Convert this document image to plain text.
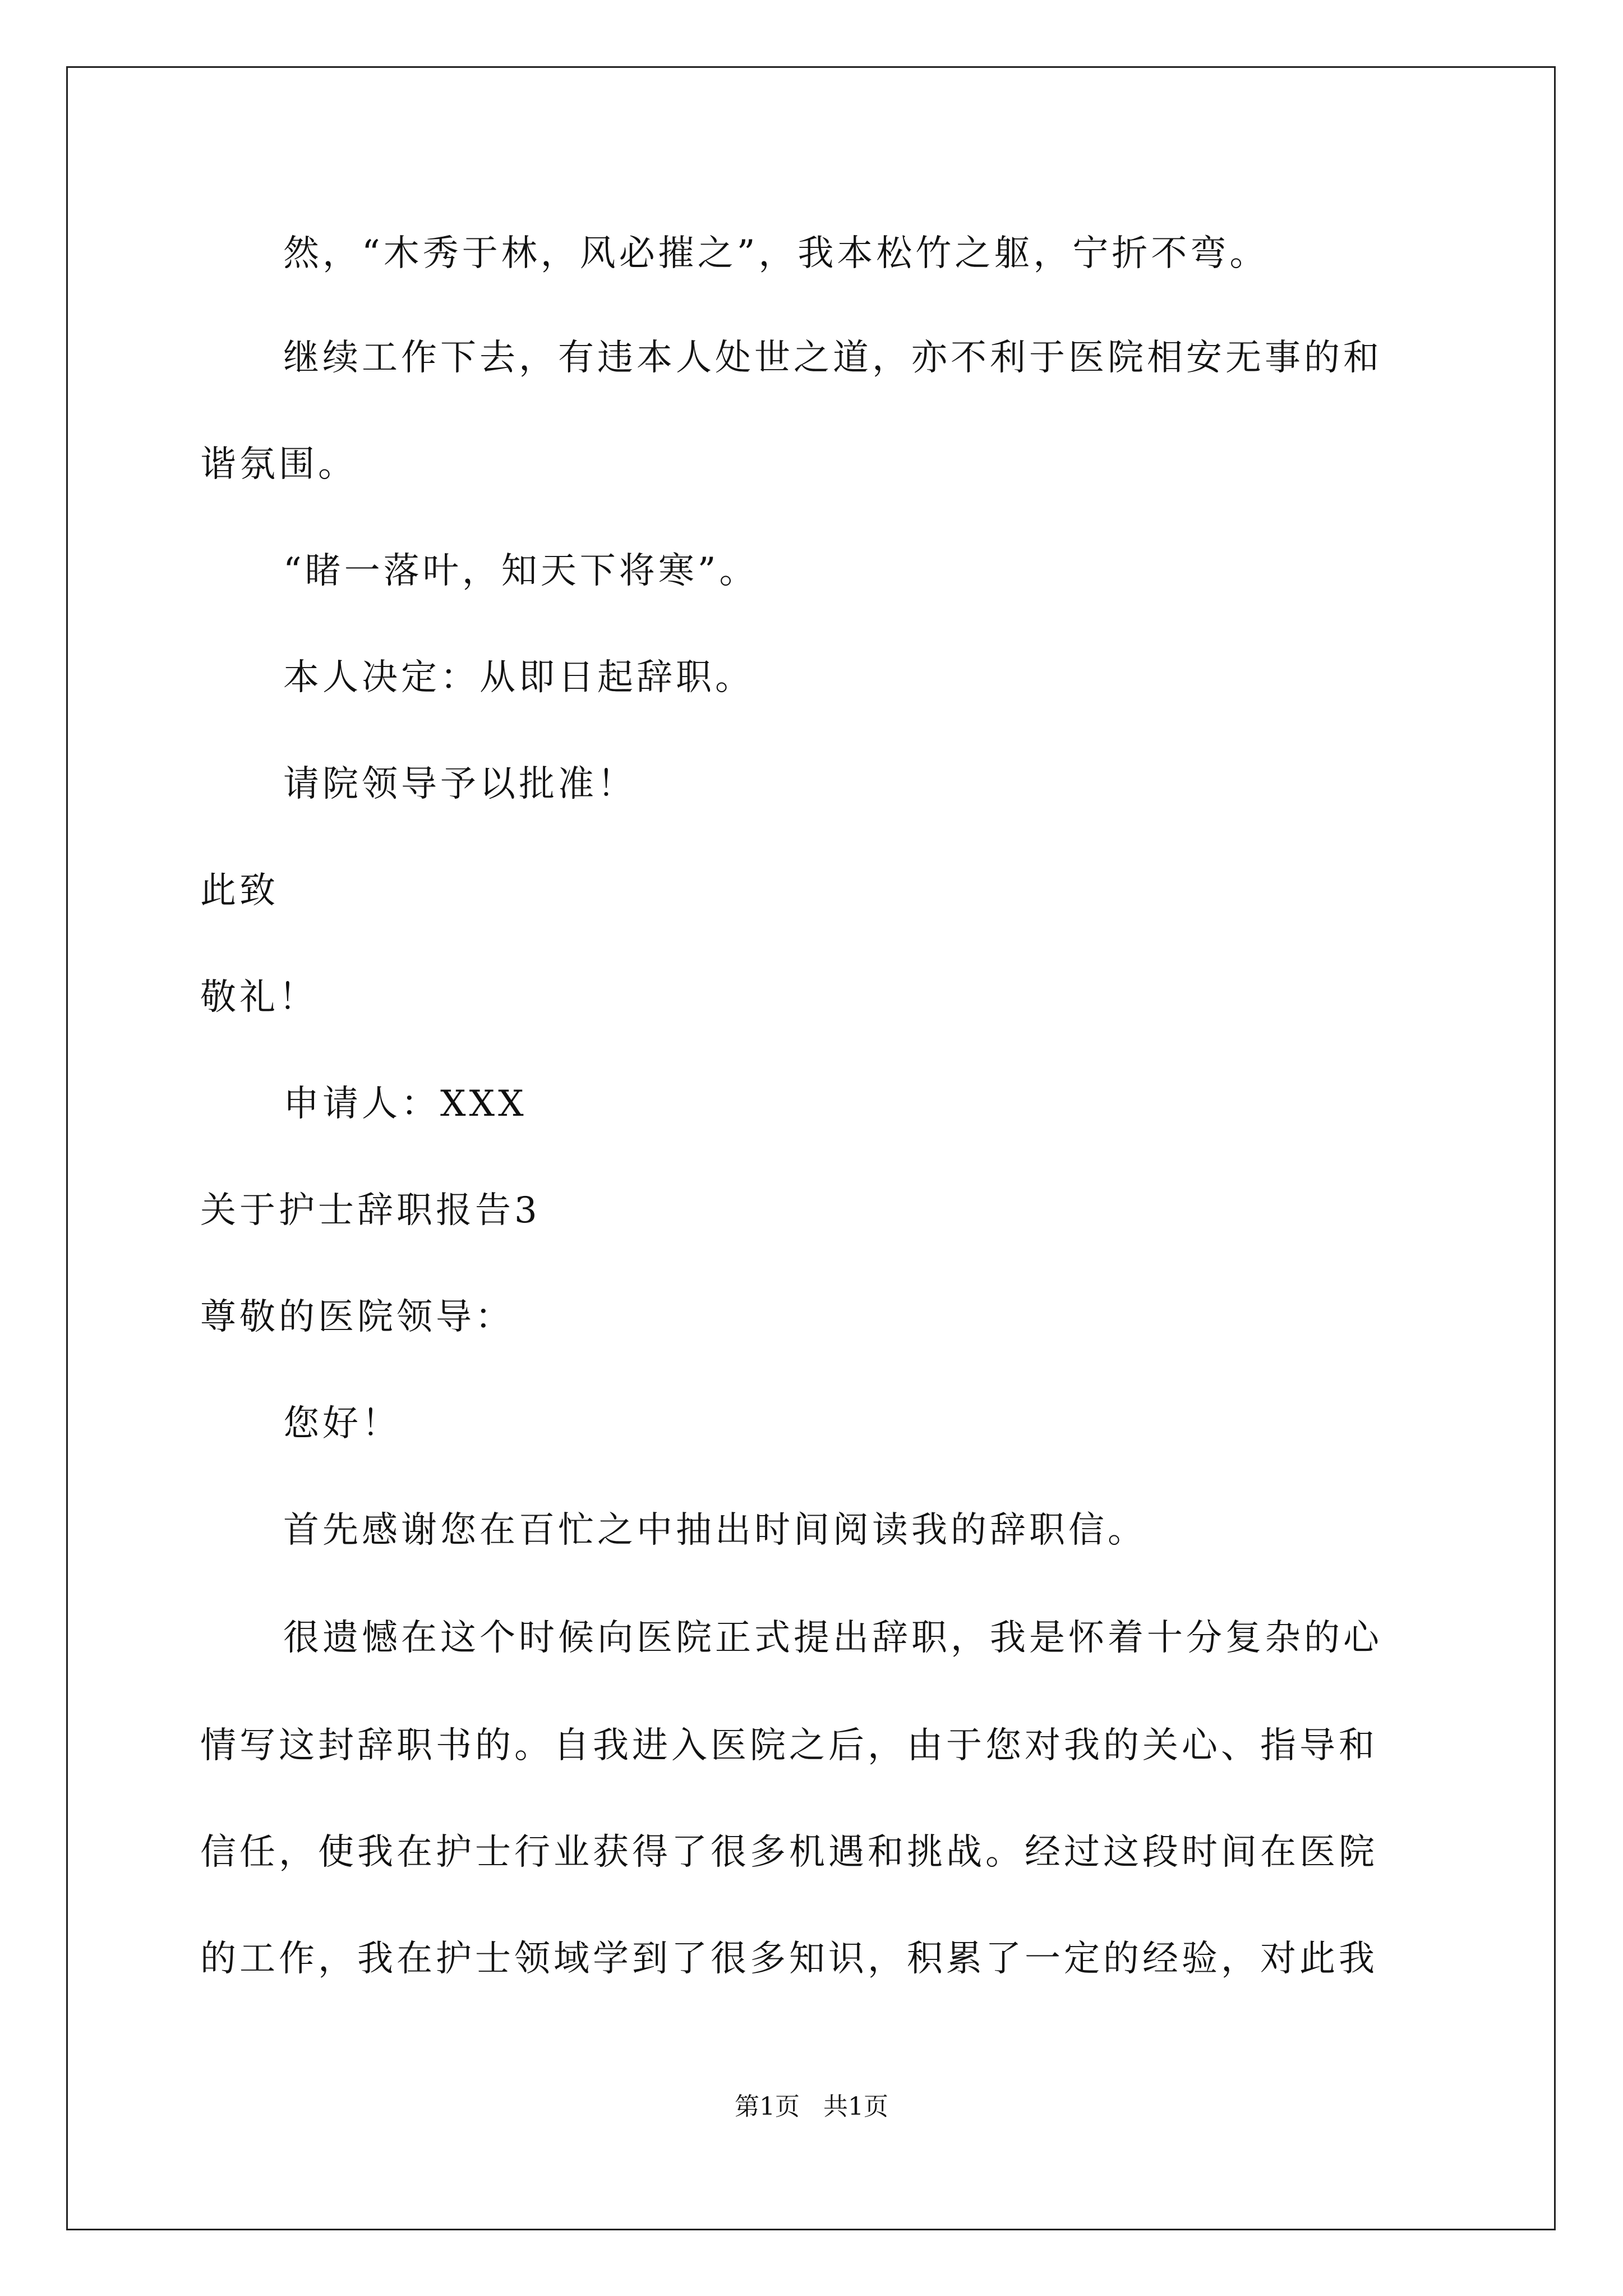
然，“木秀于林，风必摧之”，我本松竹之躯，宁折不弯。
继续工作下去，有违本人处世之道，亦不利于医院相安无事的和
谐氛围。
“睹一落叶，知天下将寒”。
本人决定：从即日起辞职。
请院领导予以批准！
此致
敬礼！
申请人：XXX
关于护士辞职报告3
尊敬的医院领导：
您好！
首先感谢您在百忙之中抽出时间阅读我的辞职信。
很遗憾在这个时候向医院正式提出辞职，我是怀着十分复杂的心
情写这封辞职书的。自我进入医院之后，由于您对我的关心、指导和
信任，使我在护士行业获得了很多机遇和挑战。经过这段时间在医院
的工作，我在护士领域学到了很多知识，积累了一定的经验，对此我
第1页   共1页
